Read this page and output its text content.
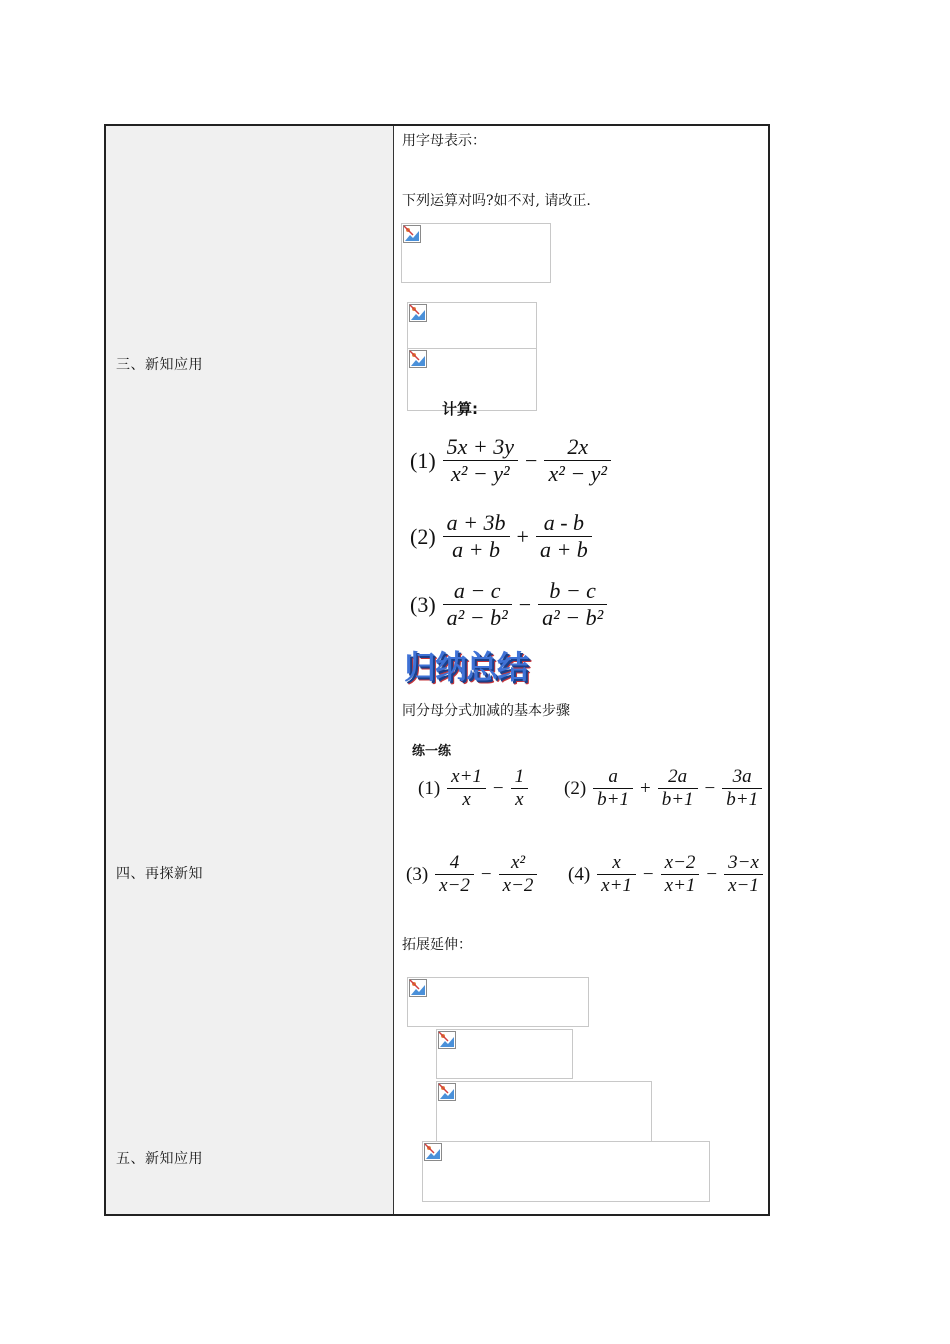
三、新知应用
四、再探新知
五、新知应用
用字母表示：
下列运算对吗?如不对, 请改正.
计算:
$(1) \frac{5x + 3y}{\text{x² − y²}} - \frac{2x}{\text{x² − y²}}$
$(2) \frac{a + 3b}{a + b} + \frac{a - b}{a + b}$
$(3) \frac{a - c}{\text{a² − b²}} - \frac{b - c}{\text{a² − b²}}$
归纳总结
同分母分式加减的基本步骤
练一练
$(1) \frac{x+1}{x} - \frac{1}{x} (2) \frac{a}{b+1} + \frac{2a}{b+1} - \frac{3a}{b+1}$
$(3) \frac{4}{x-2} - \frac{\text{x²}}{x-2} (4) \frac{x}{x+1} - \frac{x-2}{x+1} - \frac{3-x}{x-1}$
拓展延伸：
